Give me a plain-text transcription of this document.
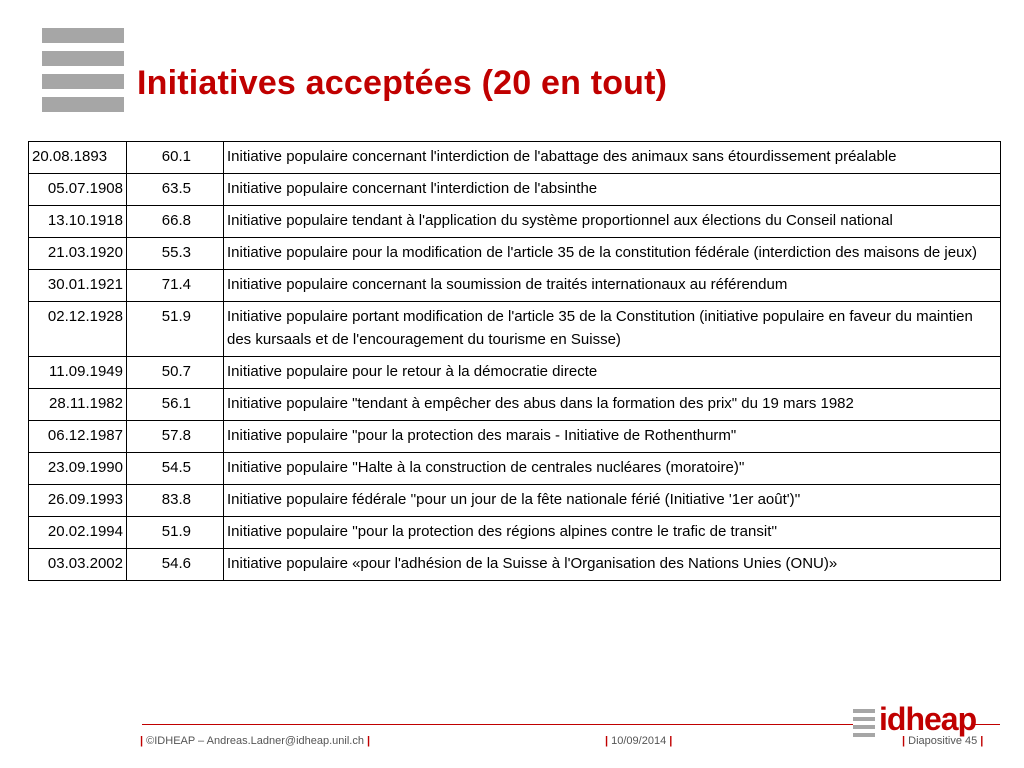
Initiatives acceptées (20 en tout)
20.08.1893	60.1	Initiative populaire concernant l'interdiction de l'abattage des animaux sans étourdissement préalable
05.07.1908	63.5	Initiative populaire concernant l'interdiction de l'absinthe
13.10.1918	66.8	Initiative populaire tendant à l'application du système proportionnel aux élections du Conseil national
21.03.1920	55.3	Initiative populaire pour la modification de l'article 35 de la constitution fédérale (interdiction des maisons de jeux)
30.01.1921	71.4	Initiative populaire concernant la soumission de traités internationaux au référendum
02.12.1928	51.9	Initiative populaire portant modification de l'article 35 de la Constitution (initiative populaire en faveur du maintien des kursaals et de l'encouragement du tourisme en Suisse)
11.09.1949	50.7	Initiative populaire pour le retour à la démocratie directe
28.11.1982	56.1	Initiative populaire "tendant à empêcher des abus dans la formation des prix" du 19 mars 1982
06.12.1987	57.8	Initiative populaire "pour la protection des marais - Initiative de Rothenthurm"
23.09.1990	54.5	Initiative populaire ''Halte à la construction de centrales nucléares (moratoire)''
26.09.1993	83.8	Initiative populaire fédérale ''pour un jour de la fête nationale férié (Initiative '1er août')''
20.02.1994	51.9	Initiative populaire ''pour la protection des régions alpines contre le trafic de transit''
03.03.2002	54.6	Initiative populaire «pour l'adhésion de la Suisse à l'Organisation des Nations Unies (ONU)»
idheap
| ©IDHEAP – Andreas.Ladner@idheap.unil.ch |	| 10/09/2014 |	| Diapositive 45 |
